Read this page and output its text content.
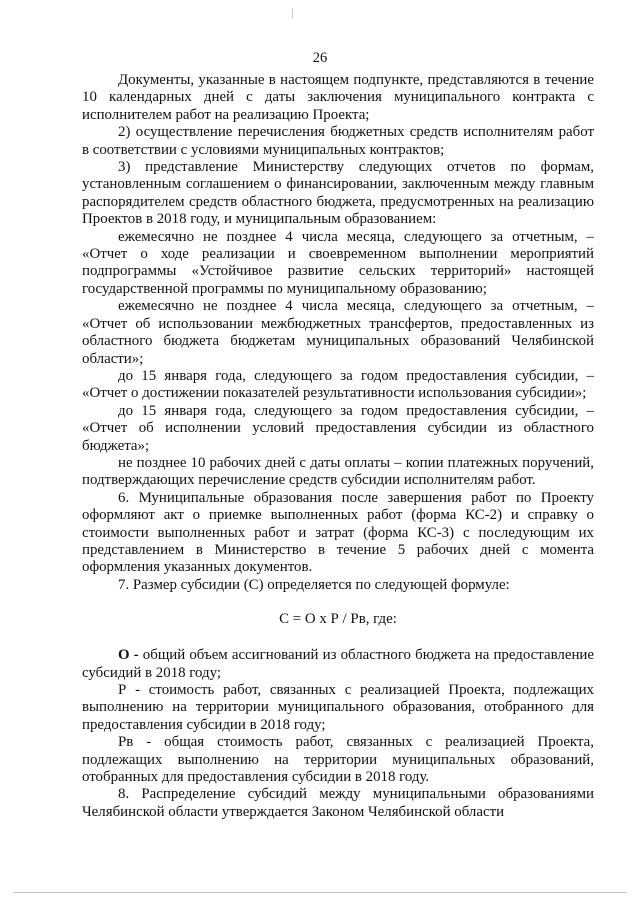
26

Документы, указанные в настоящем подпункте, представляются в течение 10 календарных дней с даты заключения муниципального контракта с исполнителем работ на реализацию Проекта;

2) осуществление перечисления бюджетных средств исполнителям работ в соответствии с условиями муниципальных контрактов;

3) представление Министерству следующих отчетов по формам, установленным соглашением о финансировании, заключенным между главным распорядителем средств областного бюджета, предусмотренных на реализацию Проектов в 2018 году, и муниципальным образованием:

ежемесячно не позднее 4 числа месяца, следующего за отчетным, – «Отчет о ходе реализации и своевременном выполнении мероприятий подпрограммы «Устойчивое развитие сельских территорий» настоящей государственной программы по муниципальному образованию;

ежемесячно не позднее 4 числа месяца, следующего за отчетным, – «Отчет об использовании межбюджетных трансфертов, предоставленных из областного бюджета бюджетам муниципальных образований Челябинской области»;

до 15 января года, следующего за годом предоставления субсидии, – «Отчет о достижении показателей результативности использования субсидии»;

до 15 января года, следующего за годом предоставления субсидии, – «Отчет об исполнении условий предоставления субсидии из областного бюджета»;

не позднее 10 рабочих дней с даты оплаты – копии платежных поручений, подтверждающих перечисление средств субсидии исполнителям работ.

6. Муниципальные образования после завершения работ по Проекту оформляют акт о приемке выполненных работ (форма КС-2) и справку о стоимости выполненных работ и затрат (форма КС-3) с последующим их представлением в Министерство в течение 5 рабочих дней с момента оформления указанных документов.

7. Размер субсидии (С) определяется по следующей формуле:

С = О х Р / Рв, где:

О - общий объем ассигнований из областного бюджета на предоставление субсидий в 2018 году;

Р - стоимость работ, связанных с реализацией Проекта, подлежащих выполнению на территории муниципального образования, отобранного для предоставления субсидии в 2018 году;

Рв - общая стоимость работ, связанных с реализацией Проекта, подлежащих выполнению на территории муниципальных образований, отобранных для предоставления субсидии в 2018 году.

8. Распределение субсидий между муниципальными образованиями Челябинской области утверждается Законом Челябинской области
